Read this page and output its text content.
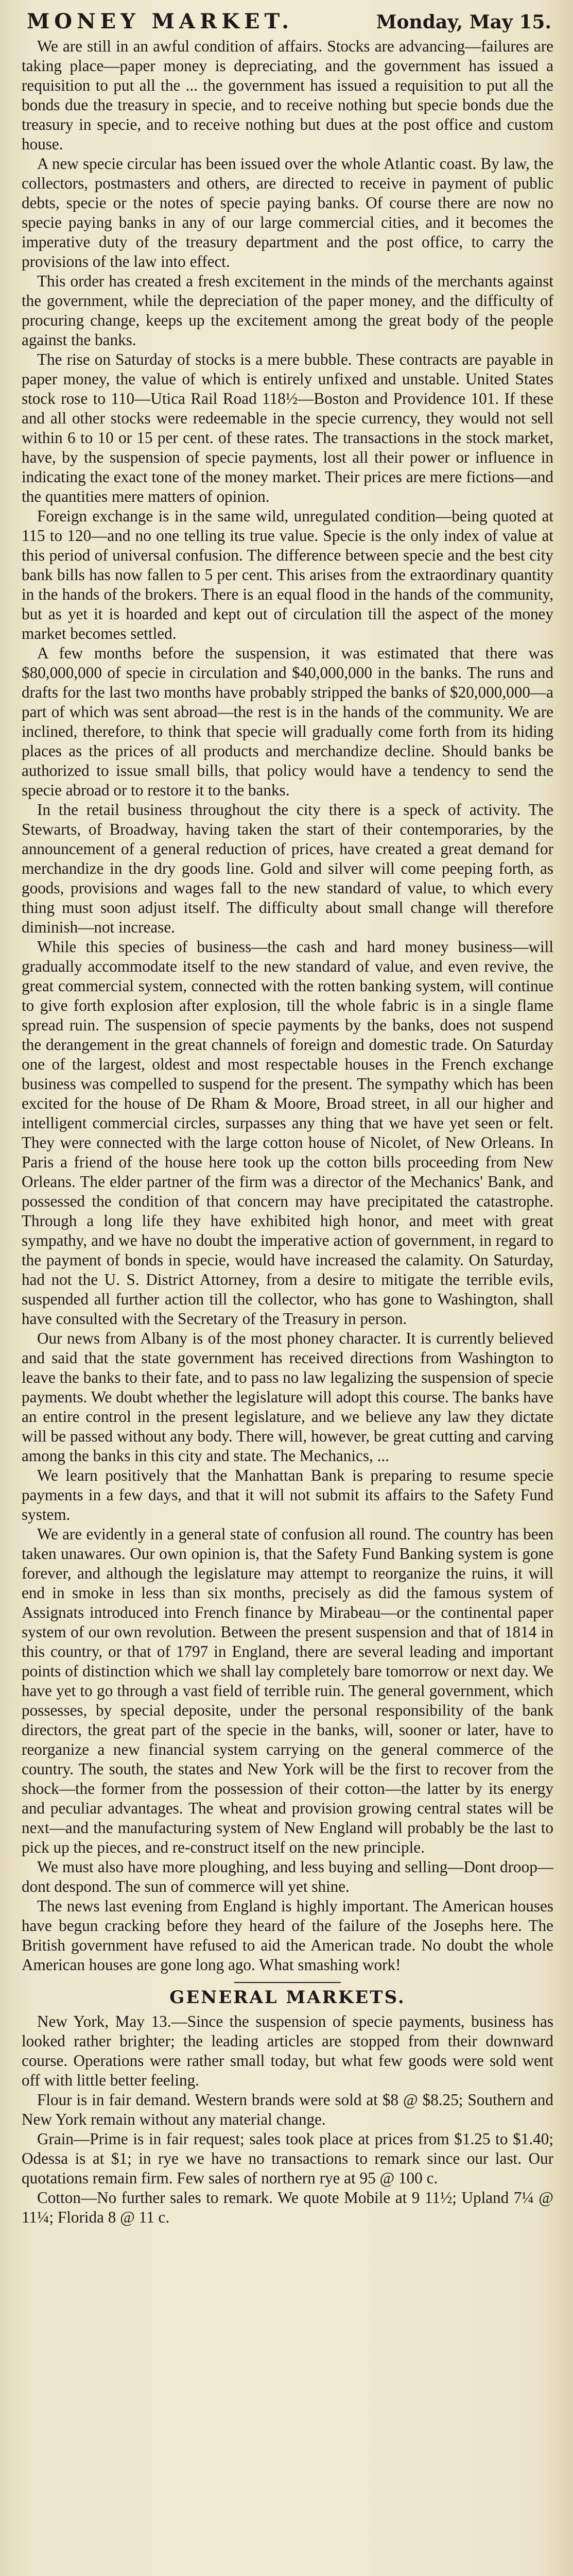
MONEY MARKET.	Monday, May 15.

We are still in an awful condition of affairs. Stocks are advancing—failures are taking place—paper money is depreciating, and the government has issued a requisition to put all the ... the government has issued a requisition to put all the bonds due the treasury in specie, and to receive nothing but specie bonds due the treasury in specie, and to receive nothing but dues at the post office and custom house.

A new specie circular has been issued over the whole Atlantic coast. By law, the collectors, postmasters and others, are directed to receive in payment of public debts, specie or the notes of specie paying banks. Of course there are now no specie paying banks in any of our large commercial cities, and it becomes the imperative duty of the treasury department and the post office, to carry the provisions of the law into effect.

This order has created a fresh excitement in the minds of the merchants against the government, while the depreciation of the paper money, and the difficulty of procuring change, keeps up the excitement among the great body of the people against the banks.

The rise on Saturday of stocks is a mere bubble. These contracts are payable in paper money, the value of which is entirely unfixed and unstable. United States stock rose to 110—Utica Rail Road 118½—Boston and Providence 101. If these and all other stocks were redeemable in the specie currency, they would not sell within 6 to 10 or 15 per cent. of these rates. The transactions in the stock market, have, by the suspension of specie payments, lost all their power or influence in indicating the exact tone of the money market. Their prices are mere fictions—and the quantities mere matters of opinion.

Foreign exchange is in the same wild, unregulated condition—being quoted at 115 to 120—and no one telling its true value. Specie is the only index of value at this period of universal confusion. The difference between specie and the best city bank bills has now fallen to 5 per cent. This arises from the extraordinary quantity in the hands of the brokers. There is an equal flood in the hands of the community, but as yet it is hoarded and kept out of circulation till the aspect of the money market becomes settled.

A few months before the suspension, it was estimated that there was $80,000,000 of specie in circulation and $40,000,000 in the banks. The runs and drafts for the last two months have probably stripped the banks of $20,000,000—a part of which was sent abroad—the rest is in the hands of the community. We are inclined, therefore, to think that specie will gradually come forth from its hiding places as the prices of all products and merchandize decline. Should banks be authorized to issue small bills, that policy would have a tendency to send the specie abroad or to restore it to the banks.

In the retail business throughout the city there is a speck of activity. The Stewarts, of Broadway, having taken the start of their contemporaries, by the announcement of a general reduction of prices, have created a great demand for merchandize in the dry goods line. Gold and silver will come peeping forth, as goods, provisions and wages fall to the new standard of value, to which every thing must soon adjust itself. The difficulty about small change will therefore diminish—not increase.

While this species of business—the cash and hard money business—will gradually accommodate itself to the new standard of value, and even revive, the great commercial system, connected with the rotten banking system, will continue to give forth explosion after explosion, till the whole fabric is in a single flame spread ruin. The suspension of specie payments by the banks, does not suspend the derangement in the great channels of foreign and domestic trade. On Saturday one of the largest, oldest and most respectable houses in the French exchange business was compelled to suspend for the present. The sympathy which has been excited for the house of De Rham & Moore, Broad street, in all our higher and intelligent commercial circles, surpasses any thing that we have yet seen or felt. They were connected with the large cotton house of Nicolet, of New Orleans. In Paris a friend of the house here took up the cotton bills proceeding from New Orleans. The elder partner of the firm was a director of the Mechanics' Bank, and possessed the condition of that concern may have precipitated the catastrophe. Through a long life they have exhibited high honor, and meet with great sympathy, and we have no doubt the imperative action of government, in regard to the payment of bonds in specie, would have increased the calamity. On Saturday, had not the U. S. District Attorney, from a desire to mitigate the terrible evils, suspended all further action till the collector, who has gone to Washington, shall have consulted with the Secretary of the Treasury in person.

Our news from Albany is of the most phoney character. It is currently believed and said that the state government has received directions from Washington to leave the banks to their fate, and to pass no law legalizing the suspension of specie payments. We doubt whether the legislature will adopt this course. The banks have an entire control in the present legislature, and we believe any law they dictate will be passed without any body. There will, however, be great cutting and carving among the banks in this city and state. The Mechanics, ...

We learn positively that the Manhattan Bank is preparing to resume specie payments in a few days, and that it will not submit its affairs to the Safety Fund system.

We are evidently in a general state of confusion all round. The country has been taken unawares. Our own opinion is, that the Safety Fund Banking system is gone forever, and although the legislature may attempt to reorganize the ruins, it will end in smoke in less than six months, precisely as did the famous system of Assignats introduced into French finance by Mirabeau—or the continental paper system of our own revolution. Between the present suspension and that of 1814 in this country, or that of 1797 in England, there are several leading and important points of distinction which we shall lay completely bare tomorrow or next day. We have yet to go through a vast field of terrible ruin. The general government, which possesses, by special deposite, under the personal responsibility of the bank directors, the great part of the specie in the banks, will, sooner or later, have to reorganize a new financial system carrying on the general commerce of the country. The south, the states and New York will be the first to recover from the shock—the former from the possession of their cotton—the latter by its energy and peculiar advantages. The wheat and provision growing central states will be next—and the manufacturing system of New England will probably be the last to pick up the pieces, and re-construct itself on the new principle.

We must also have more ploughing, and less buying and selling—Dont droop—dont despond. The sun of commerce will yet shine.

The news last evening from England is highly important. The American houses have begun cracking before they heard of the failure of the Josephs here. The British government have refused to aid the American trade. No doubt the whole American houses are gone long ago. What smashing work!

GENERAL MARKETS.

New York, May 13.—Since the suspension of specie payments, business has looked rather brighter; the leading articles are stopped from their downward course. Operations were rather small today, but what few goods were sold went off with little better feeling.

Flour is in fair demand. Western brands were sold at $8 @ $8.25; Southern and New York remain without any material change.

Grain—Prime is in fair request; sales took place at prices from $1.25 to $1.40; Odessa is at $1; in rye we have no transactions to remark since our last. Our quotations remain firm. Few sales of northern rye at 95 @ 100 c.

Cotton—No further sales to remark. We quote Mobile at 9 11½; Upland 7¼ @ 11¼; Florida 8 @ 11 c.
